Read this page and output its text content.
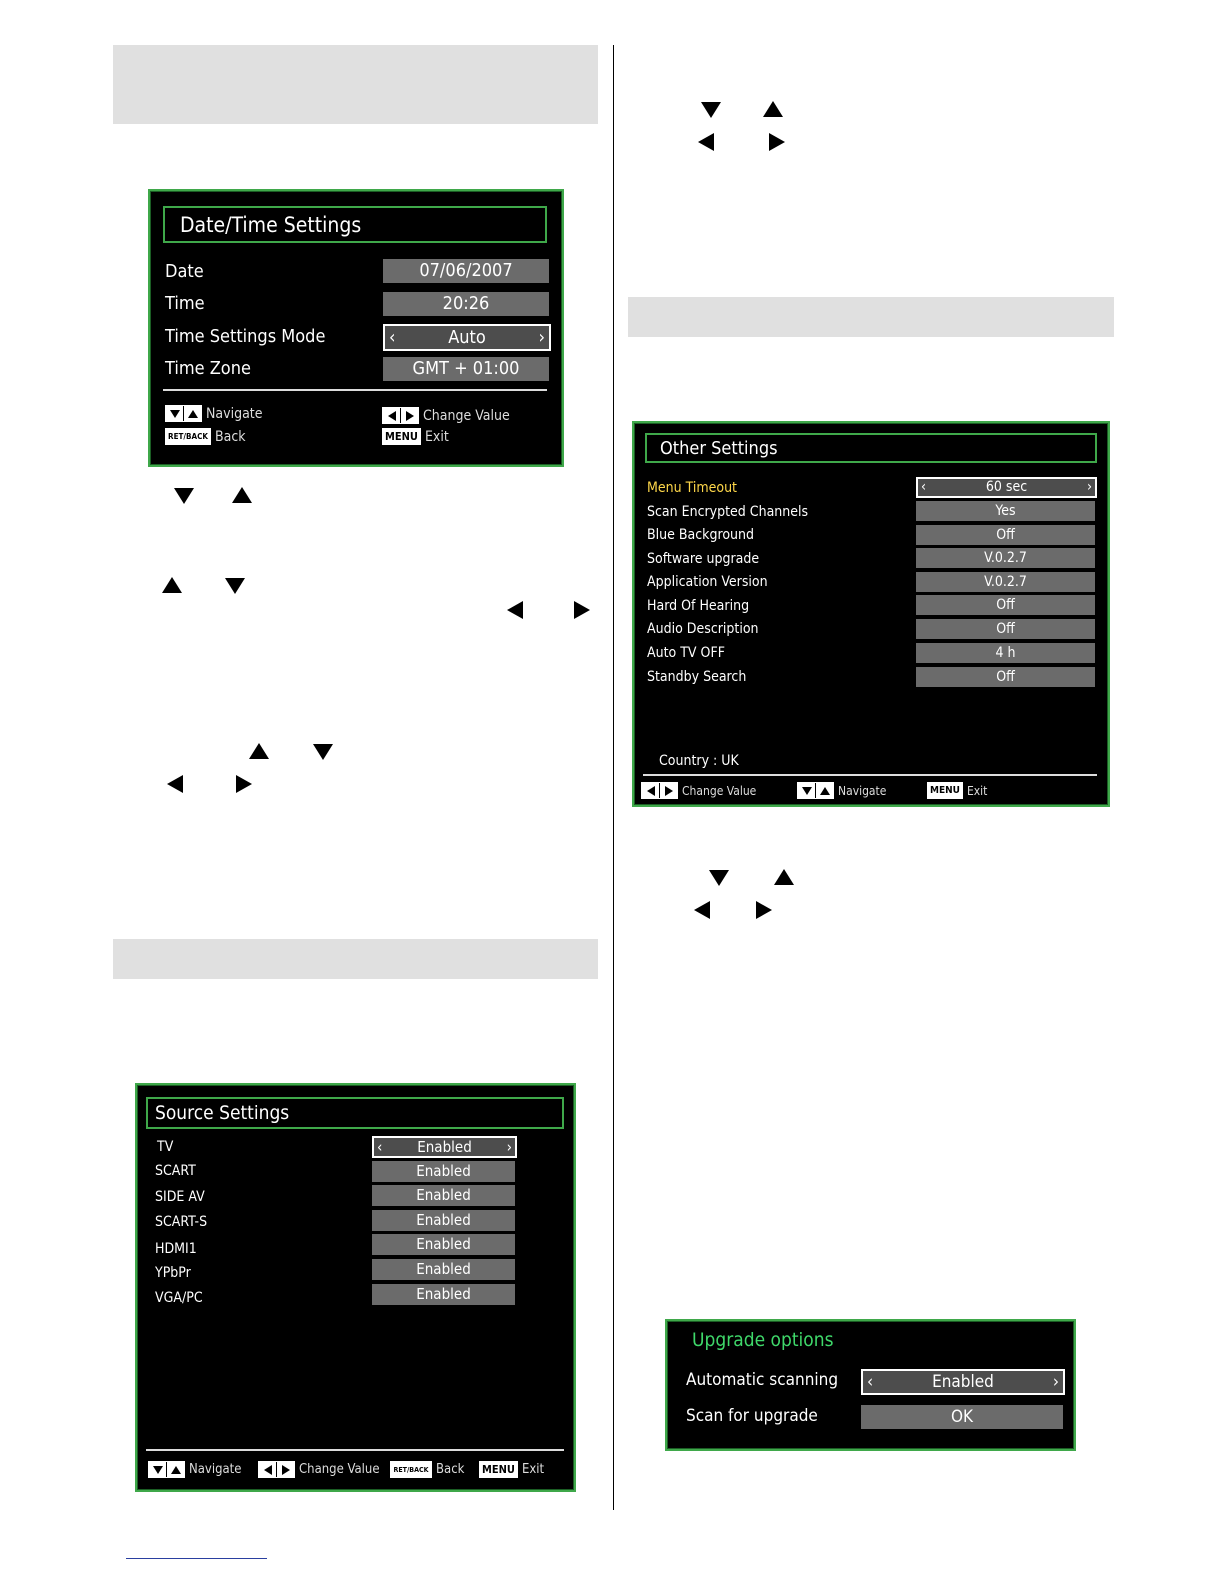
Date/Time Settings
Date	07/06/2007
Time	20:26
Time Settings Mode	‹	Auto	›
Time Zone	GMT + 01:00
Navigate
RET/BACK Back
Change Value
MENU Exit
Source Settings
TV	‹ Enabled ›
SCART	Enabled
SIDE AV	Enabled
SCART-S	Enabled
HDMI1	Enabled
YPbPr	Enabled
VGA/PC	Enabled
Navigate	Change Value	RET/BACK Back MENU Exit
Other Settings
Menu Timeout	‹	60 sec	›
Scan Encrypted Channels	Yes
Blue Background	Off
Software upgrade	V.0.2.7
Application Version	V.0.2.7
Hard Of Hearing	Off
Audio Description	Off
Auto TV OFF	4 h
Standby Search	Off
Country : UK
Change Value	Navigate	MENU Exit
Upgrade options
Automatic scanning ‹	Enabled	›
Scan for upgrade	OK
